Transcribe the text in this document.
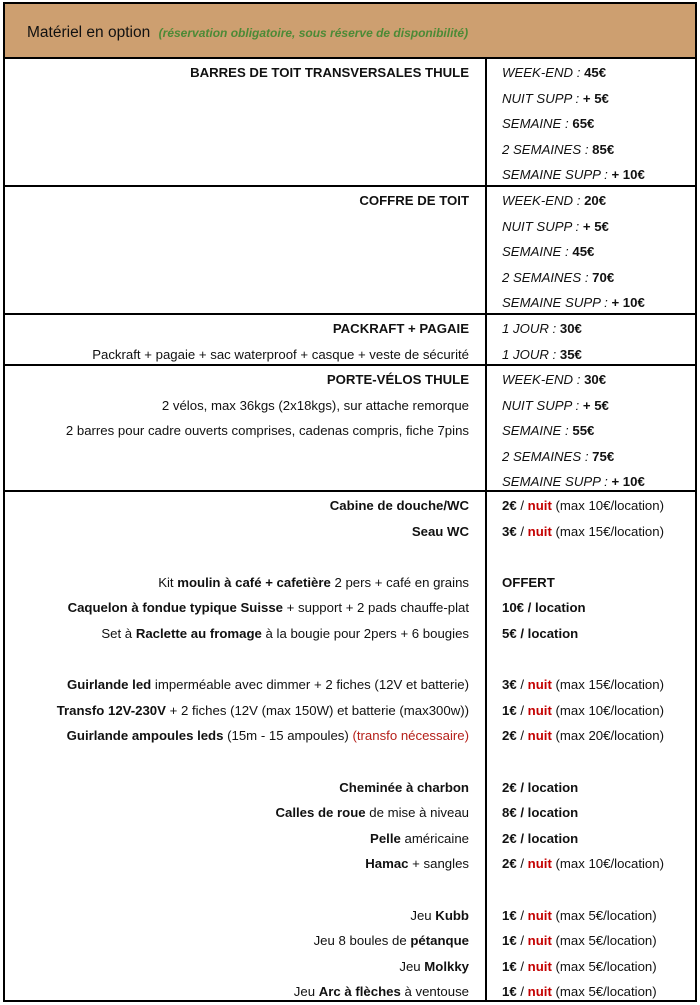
Matériel en option (réservation obligatoire, sous réserve de disponibilité)
BARRES DE TOIT TRANSVERSALES THULE	WEEK-END : 45€
NUIT SUPP : + 5€
SEMAINE : 65€
2 SEMAINES : 85€
SEMAINE SUPP : + 10€
COFFRE DE TOIT	WEEK-END : 20€
NUIT SUPP : + 5€
SEMAINE : 45€
2 SEMAINES : 70€
SEMAINE SUPP : + 10€
PACKRAFT + PAGAIE
Packraft + pagaie + sac waterproof + casque + veste de sécurité
1 JOUR : 30€
1 JOUR : 35€
PORTE-VÉLOS THULE
2 vélos, max 36kgs (2x18kgs), sur attache remorque
2 barres pour cadre ouverts comprises, cadenas compris, fiche 7pins
WEEK-END : 30€
NUIT SUPP : + 5€
SEMAINE : 55€
2 SEMAINES : 75€
SEMAINE SUPP : + 10€
Cabine de douche/WC
Seau WC
Kit moulin à café + cafetière 2 pers + café en grains
Caquelon à fondue typique Suisse + support + 2 pads chauffe-plat
Set à Raclette au fromage à la bougie pour 2pers + 6 bougies
Guirlande led imperméable avec dimmer + 2 fiches (12V et batterie)
Transfo 12V-230V + 2 fiches (12V (max 150W) et batterie (max300w))
Guirlande ampoules leds (15m - 15 ampoules) (transfo nécessaire)
Cheminée à charbon
Calles de roue de mise à niveau
Pelle américaine
Hamac + sangles
Jeu Kubb
Jeu 8 boules de pétanque
Jeu Molkky
Jeu Arc à flèches à ventouse
2€ / nuit (max 10€/location)
3€ / nuit (max 15€/location)
OFFERT
10€ / location
5€ / location
3€ / nuit (max 15€/location)
1€ / nuit (max 10€/location)
2€ / nuit (max 20€/location)
2€ / location
8€ / location
2€ / location
2€ / nuit (max 10€/location)
1€ / nuit (max 5€/location)
1€ / nuit (max 5€/location)
1€ / nuit (max 5€/location)
1€ / nuit (max 5€/location)
